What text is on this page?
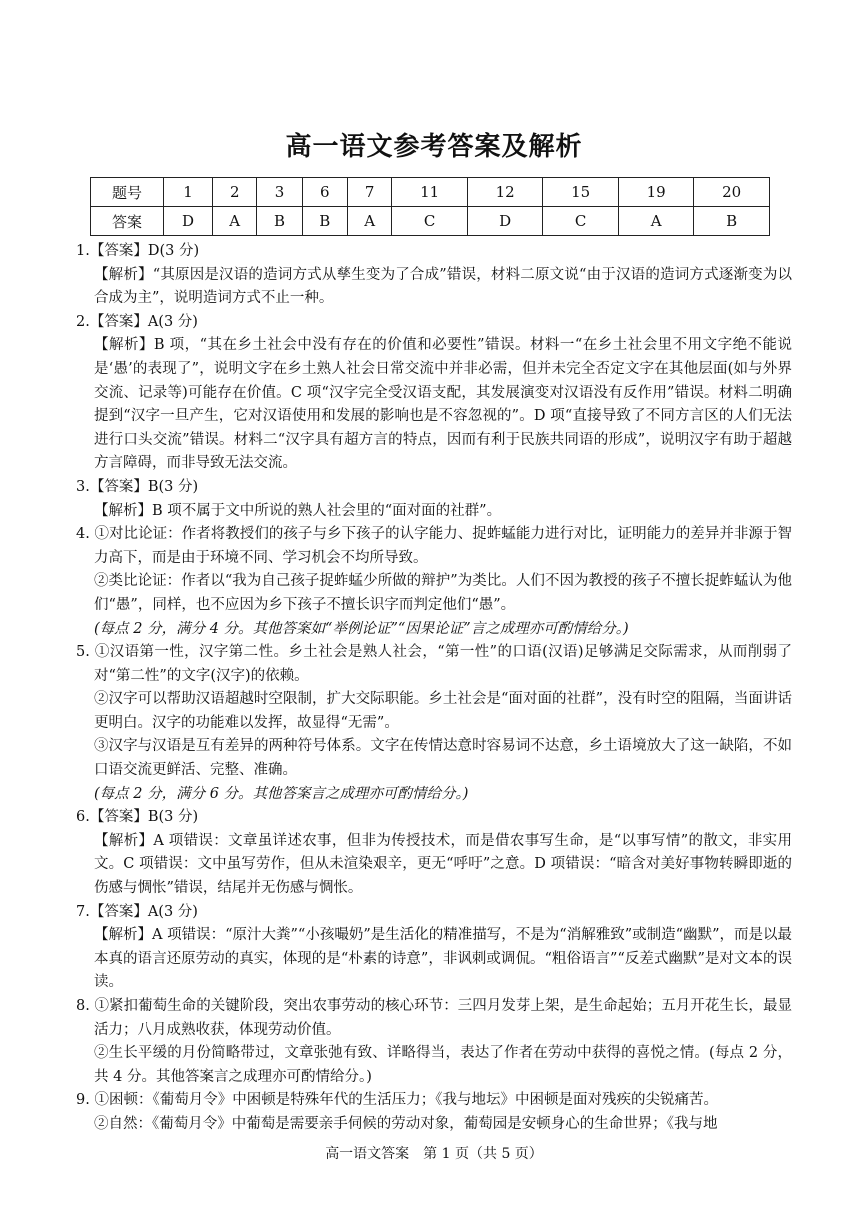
高一语文参考答案及解析
题号	1	2	3	6	7	11	12	15	19	20
答案	D	A	B	B	A	C	D	C	A	B

1.【答案】D(3 分)

【解析】“其原因是汉语的造词方式从孳生变为了合成”错误，材料二原文说“由于汉语的造词方式逐渐变为以合成为主”，说明造词方式不止一种。

2.【答案】A(3 分)

【解析】B 项，“其在乡土社会中没有存在的价值和必要性”错误。材料一“在乡土社会里不用文字绝不能说是‘愚’的表现了”，说明文字在乡土熟人社会日常交流中并非必需，但并未完全否定文字在其他层面(如与外界交流、记录等)可能存在价值。C 项“汉字完全受汉语支配，其发展演变对汉语没有反作用”错误。材料二明确提到“汉字一旦产生，它对汉语使用和发展的影响也是不容忽视的”。D 项“直接导致了不同方言区的人们无法进行口头交流”错误。材料二“汉字具有超方言的特点，因而有利于民族共同语的形成”，说明汉字有助于超越方言障碍，而非导致无法交流。

3.【答案】B(3 分)

【解析】B 项不属于文中所说的熟人社会里的“面对面的社群”。

4. ①对比论证：作者将教授们的孩子与乡下孩子的认字能力、捉蚱蜢能力进行对比，证明能力的差异并非源于智力高下，而是由于环境不同、学习机会不均所导致。

②类比论证：作者以“我为自己孩子捉蚱蜢少所做的辩护”为类比。人们不因为教授的孩子不擅长捉蚱蜢认为他们“愚”，同样，也不应因为乡下孩子不擅长识字而判定他们“愚”。

(每点 2 分，满分 4 分。其他答案如“举例论证”“因果论证”言之成理亦可酌情给分。)

5. ①汉语第一性，汉字第二性。乡土社会是熟人社会，“第一性”的口语(汉语)足够满足交际需求，从而削弱了对“第二性”的文字(汉字)的依赖。

②汉字可以帮助汉语超越时空限制，扩大交际职能。乡土社会是“面对面的社群”，没有时空的阻隔，当面讲话更明白。汉字的功能难以发挥，故显得“无需”。

③汉字与汉语是互有差异的两种符号体系。文字在传情达意时容易词不达意，乡土语境放大了这一缺陷，不如口语交流更鲜活、完整、准确。

(每点 2 分，满分 6 分。其他答案言之成理亦可酌情给分。)

6.【答案】B(3 分)

【解析】A 项错误：文章虽详述农事，但非为传授技术，而是借农事写生命，是“以事写情”的散文，非实用文。C 项错误：文中虽写劳作，但从未渲染艰辛，更无“呼吁”之意。D 项错误：“暗含对美好事物转瞬即逝的伤感与惆怅”错误，结尾并无伤感与惆怅。

7.【答案】A(3 分)

【解析】A 项错误：“原汁大粪”“小孩嘬奶”是生活化的精准描写，不是为“消解雅致”或制造“幽默”，而是以最本真的语言还原劳动的真实，体现的是“朴素的诗意”，非讽刺或调侃。“粗俗语言”“反差式幽默”是对文本的误读。

8. ①紧扣葡萄生命的关键阶段，突出农事劳动的核心环节：三四月发芽上架，是生命起始；五月开花生长，最显活力；八月成熟收获，体现劳动价值。

②生长平缓的月份简略带过，文章张弛有致、详略得当，表达了作者在劳动中获得的喜悦之情。(每点 2 分，共 4 分。其他答案言之成理亦可酌情给分。)

9. ①困顿：《葡萄月令》中困顿是特殊年代的生活压力；《我与地坛》中困顿是面对残疾的尖锐痛苦。

②自然：《葡萄月令》中葡萄是需要亲手伺候的劳动对象，葡萄园是安顿身心的生命世界；《我与地

高一语文答案　第 1 页（共 5 页）
